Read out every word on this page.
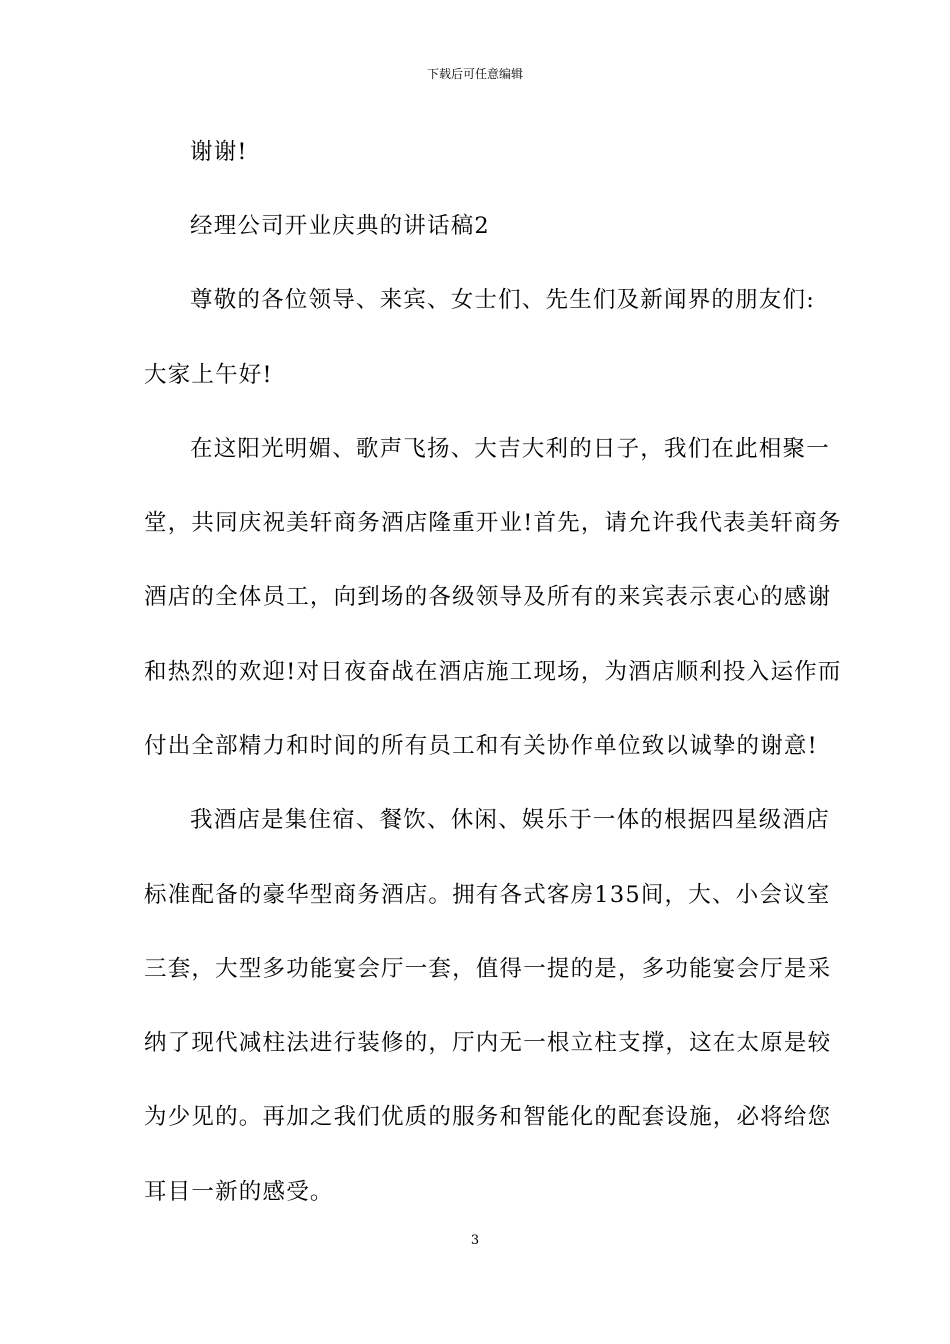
下载后可任意编辑
谢谢!
经理公司开业庆典的讲话稿2
尊敬的各位领导、来宾、女士们、先生们及新闻界的朋友们:
大家上午好!
在这阳光明媚、歌声飞扬、大吉大利的日子，我们在此相聚一
堂，共同庆祝美轩商务酒店隆重开业!首先，请允许我代表美轩商务
酒店的全体员工，向到场的各级领导及所有的来宾表示衷心的感谢
和热烈的欢迎!对日夜奋战在酒店施工现场，为酒店顺利投入运作而
付出全部精力和时间的所有员工和有关协作单位致以诚挚的谢意!
我酒店是集住宿、餐饮、休闲、娱乐于一体的根据四星级酒店
标准配备的豪华型商务酒店。拥有各式客房135间，大、小会议室
三套，大型多功能宴会厅一套，值得一提的是，多功能宴会厅是采
纳了现代减柱法进行装修的，厅内无一根立柱支撑，这在太原是较
为少见的。再加之我们优质的服务和智能化的配套设施，必将给您
耳目一新的感受。
3
